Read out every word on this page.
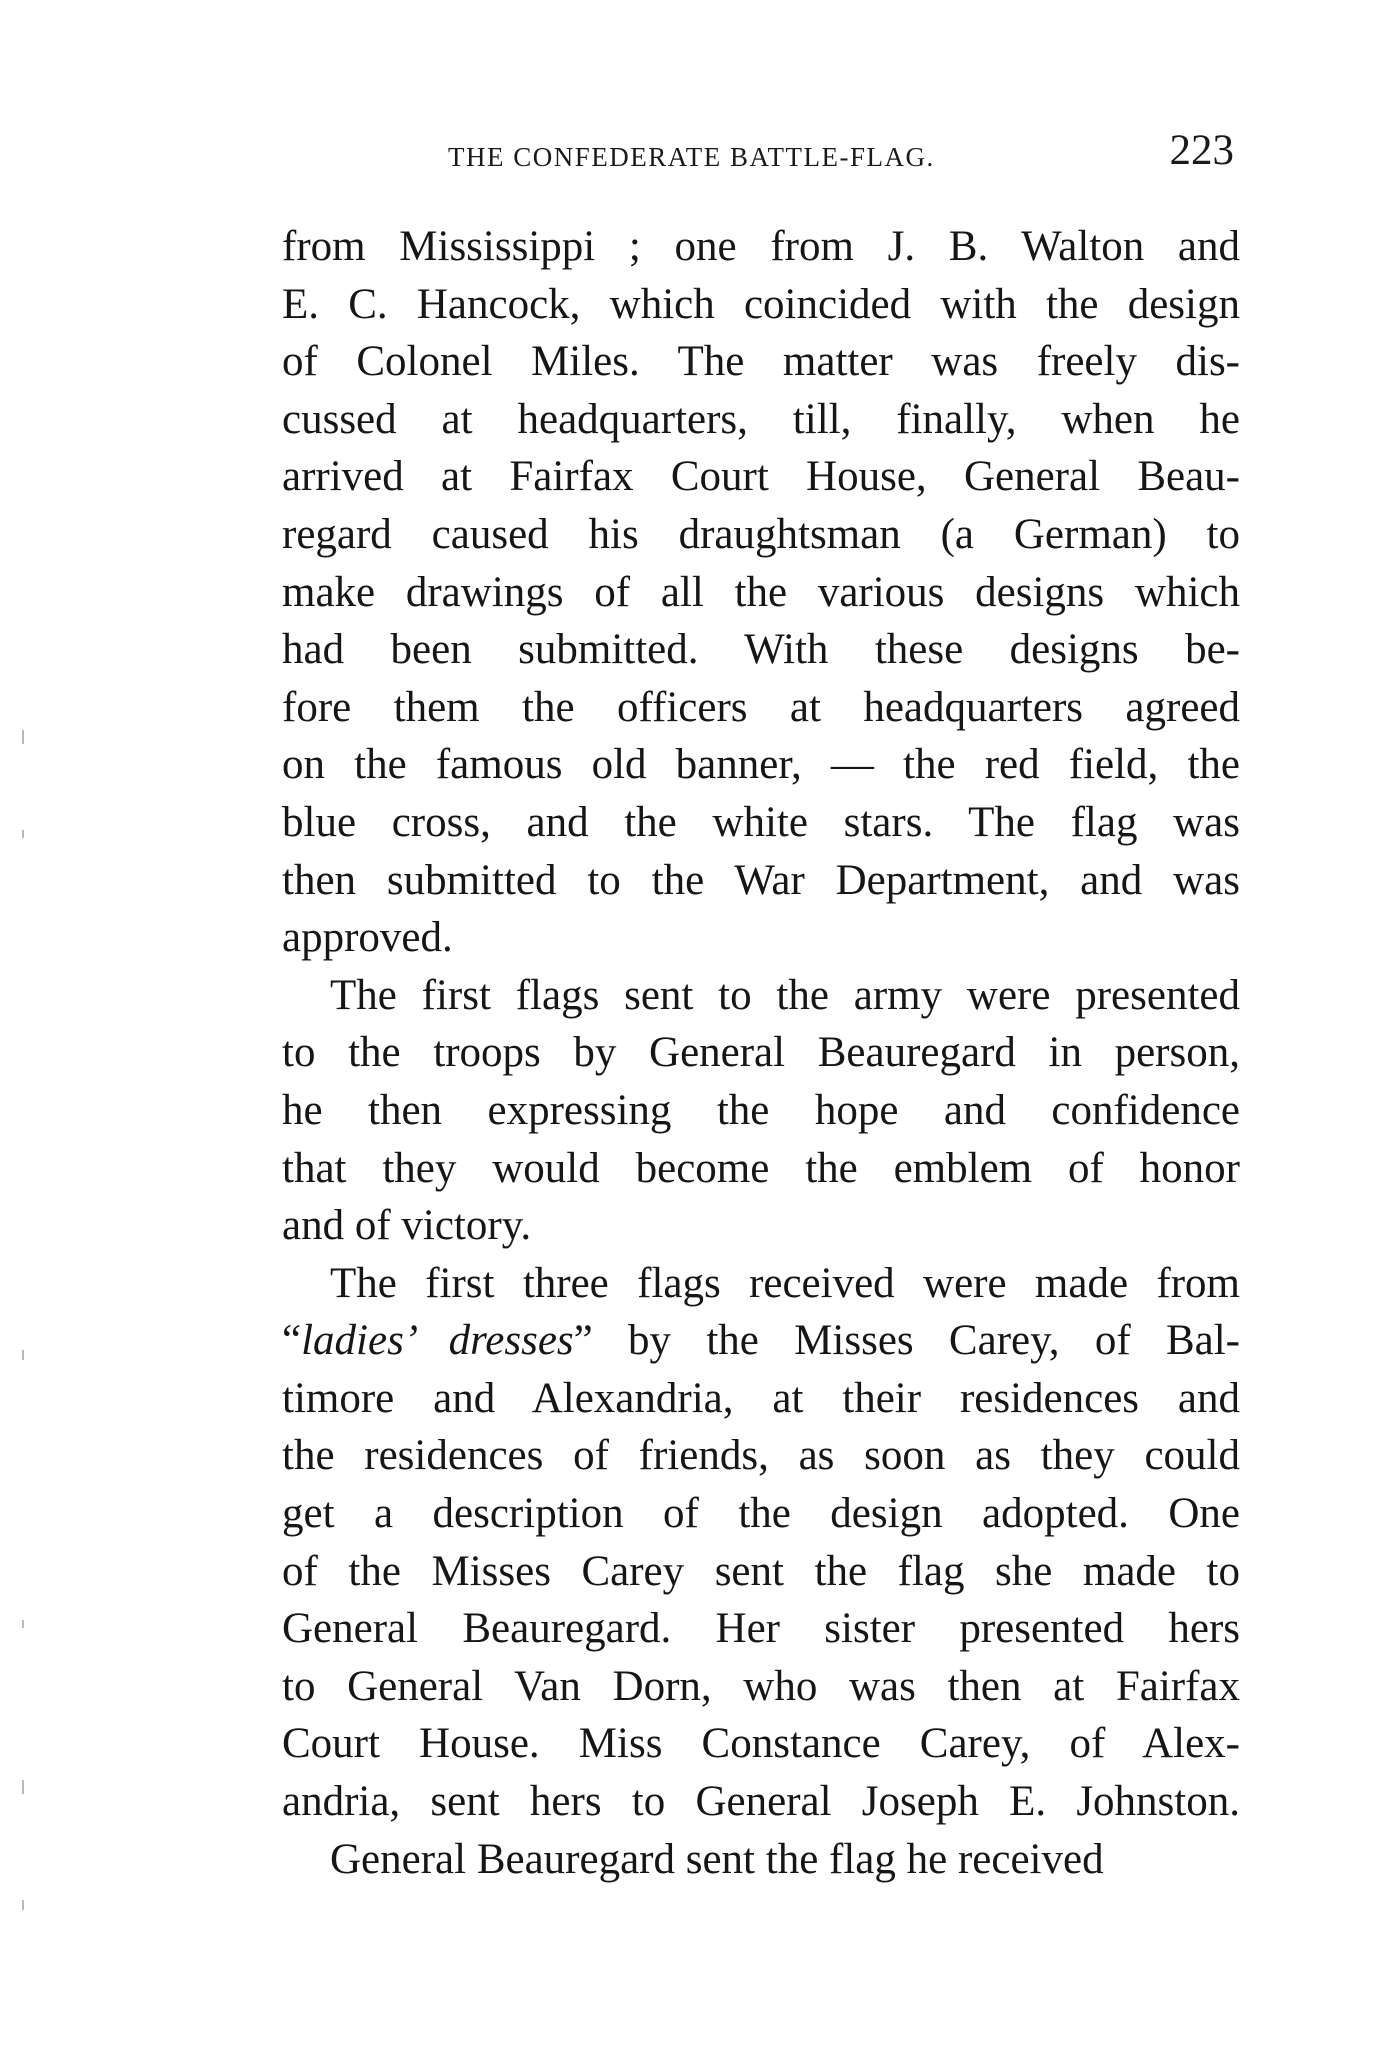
THE CONFEDERATE BATTLE-FLAG.	223
from Mississippi ; one from J. B. Walton and
E. C. Hancock, which coincided with the design
of Colonel Miles. The matter was freely dis-
cussed at headquarters, till, finally, when he
arrived at Fairfax Court House, General Beau-
regard caused his draughtsman (a German) to
make drawings of all the various designs which
had been submitted. With these designs be-
fore them the officers at headquarters agreed
on the famous old banner, — the red field, the
blue cross, and the white stars. The flag was
then submitted to the War Department, and was
approved.
The first flags sent to the army were presented
to the troops by General Beauregard in person,
he then expressing the hope and confidence
that they would become the emblem of honor
and of victory.
The first three flags received were made from
“ladies’ dresses” by the Misses Carey, of Bal-
timore and Alexandria, at their residences and
the residences of friends, as soon as they could
get a description of the design adopted. One
of the Misses Carey sent the flag she made to
General Beauregard. Her sister presented hers
to General Van Dorn, who was then at Fairfax
Court House. Miss Constance Carey, of Alex-
andria, sent hers to General Joseph E. Johnston.
General Beauregard sent the flag he received
